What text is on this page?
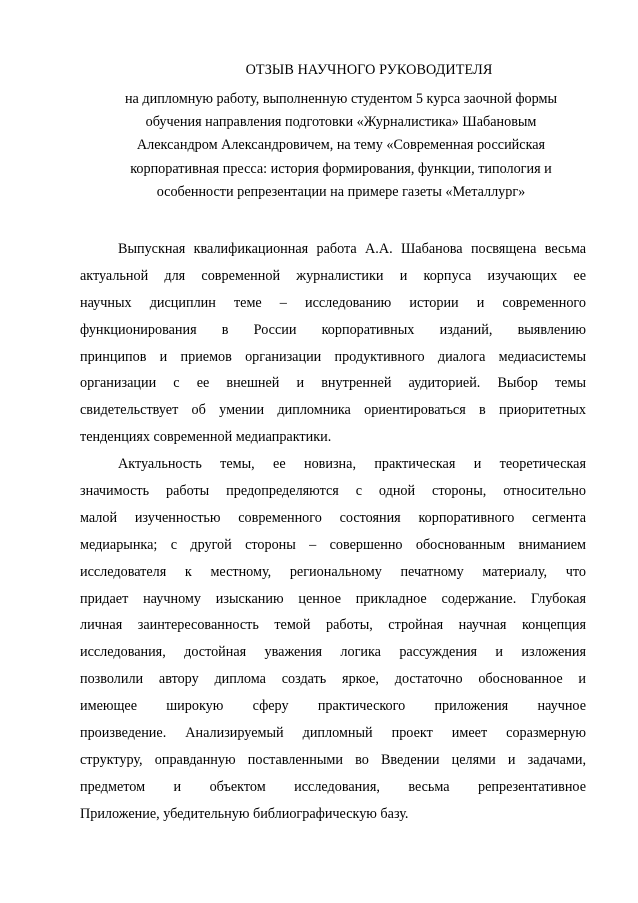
ОТЗЫВ НАУЧНОГО РУКОВОДИТЕЛЯ
на дипломную работу, выполненную студентом 5 курса заочной формы
обучения направления подготовки «Журналистика» Шабановым
Александром Александровичем, на тему «Современная российская
корпоративная пресса: история формирования, функции, типология и
особенности репрезентации на примере газеты «Металлург»
Выпускная квалификационная работа А.А. Шабанова посвящена весьма
актуальной для современной журналистики и корпуса изучающих ее
научных дисциплин теме – исследованию истории и современного
функционирования в России корпоративных изданий, выявлению
принципов и приемов организации продуктивного диалога медиасистемы
организации с ее внешней и внутренней аудиторией. Выбор темы
свидетельствует об умении дипломника ориентироваться в приоритетных
тенденциях современной медиапрактики.
Актуальность темы, ее новизна, практическая и теоретическая
значимость работы предопределяются с одной стороны, относительно
малой изученностью современного состояния корпоративного сегмента
медиарынка; с другой стороны – совершенно обоснованным вниманием
исследователя к местному, региональному печатному материалу, что
придает научному изысканию ценное прикладное содержание. Глубокая
личная заинтересованность темой работы, стройная научная концепция
исследования, достойная уважения логика рассуждения и изложения
позволили автору диплома создать яркое, достаточно обоснованное и
имеющее широкую сферу практического приложения научное
произведение. Анализируемый дипломный проект имеет соразмерную
структуру, оправданную поставленными во Введении целями и задачами,
предметом и объектом исследования, весьма репрезентативное
Приложение, убедительную библиографическую базу.
